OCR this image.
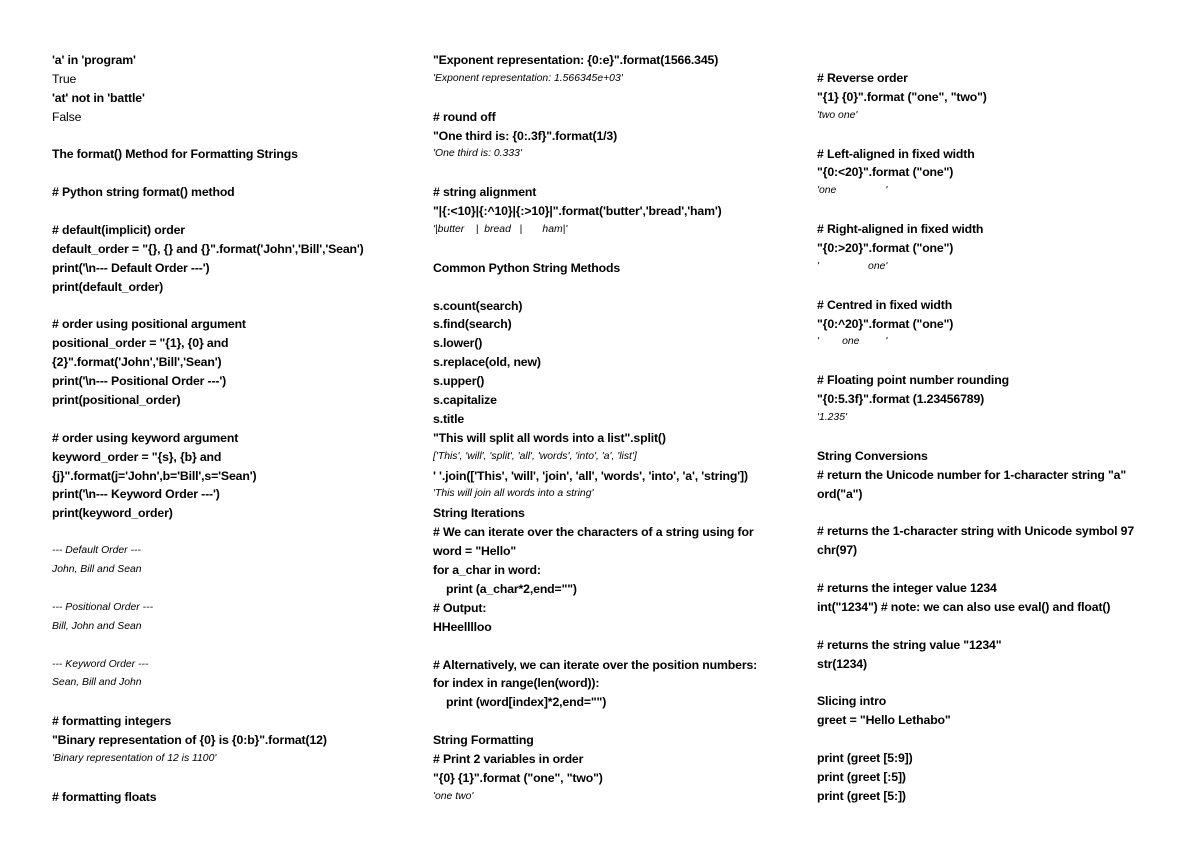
'a' in 'program'
True
'at' not in 'battle'
False
The format() Method for Formatting Strings
# Python string format() method
# default(implicit) order
default_order = "{}, {} and {}".format('John','Bill','Sean')
print('\n--- Default Order ---')
print(default_order)
# order using positional argument
positional_order = "{1}, {0} and
{2}".format('John','Bill','Sean')
print('\n--- Positional Order ---')
print(positional_order)
# order using keyword argument
keyword_order = "{s}, {b} and
{j}".format(j='John',b='Bill',s='Sean')
print('\n--- Keyword Order ---')
print(keyword_order)
--- Default Order ---
John, Bill and Sean
--- Positional Order ---
Bill, John and Sean
--- Keyword Order ---
Sean, Bill and John
# formatting integers
"Binary representation of {0} is {0:b}".format(12)
'Binary representation of 12 is 1100'
# formatting floats
"Exponent representation: {0:e}".format(1566.345)
'Exponent representation: 1.566345e+03'
# round off
"One third is: {0:.3f}".format(1/3)
'One third is: 0.333'
# string alignment
"|{:<10}|{:^10}|{:>10}|".format('butter','bread','ham')
'|butter    |  bread   |       ham|'
Common Python String Methods
s.count(search)
s.find(search)
s.lower()
s.replace(old, new)
s.upper()
s.capitalize
s.title
"This will split all words into a list".split()
['This', 'will', 'split', 'all', 'words', 'into', 'a', 'list']
' '.join(['This', 'will', 'join', 'all', 'words', 'into', 'a', 'string'])
'This will join all words into a string'
String Iterations
# We can iterate over the characters of a string using for
word = "Hello"
for a_char in word:
print (a_char*2,end="")
# Output:
HHeellllоо
# Alternatively, we can iterate over the position numbers:
for index in range(len(word)):
print (word[index]*2,end="")
String Formatting
# Print 2 variables in order
"{0} {1}".format ("one", "two")
'one two'
# Reverse order
"{1} {0}".format ("one", "two")
'two one'
# Left-aligned in fixed width
"{0:<20}".format ("one")
'one                 '
# Right-aligned in fixed width
"{0:>20}".format ("one")
'                 one'
# Centred in fixed width
"{0:^20}".format ("one")
'        one         '
# Floating point number rounding
"{0:5.3f}".format (1.23456789)
'1.235'
String Conversions
# return the Unicode number for 1-character string "a"
ord("a")
# returns the 1-character string with Unicode symbol 97
chr(97)
# returns the integer value 1234
int("1234") # note: we can also use eval() and float()
# returns the string value "1234"
str(1234)
Slicing intro
greet = "Hello Lethabo"
print (greet [5:9])
print (greet [:5])
print (greet [5:])
